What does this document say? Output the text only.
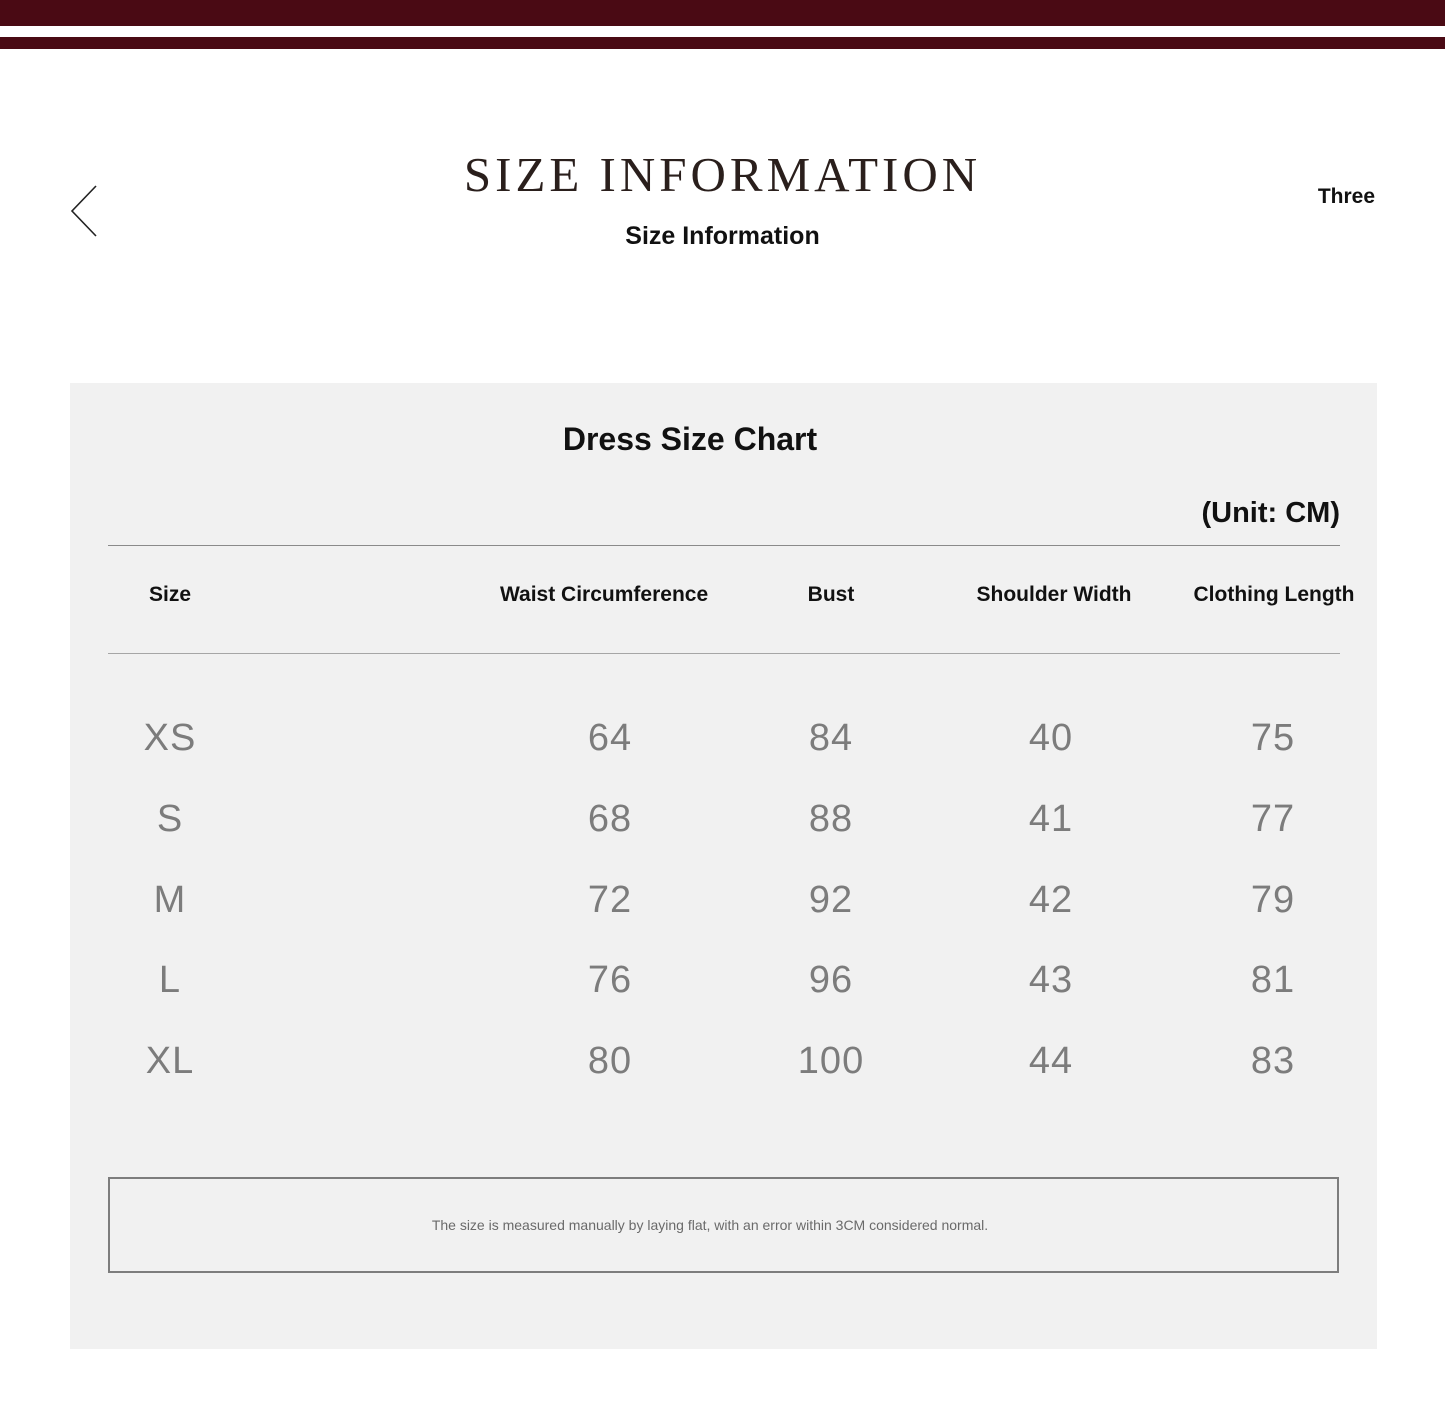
SIZE INFORMATION
Size Information
Three
Dress Size Chart
(Unit: CM)
Size	Waist Circumference	Bust	Shoulder Width	Clothing Length
XS	64	84	40	75
S	68	88	41	77
M	72	92	42	79
L	76	96	43	81
XL	80	100	44	83
The size is measured manually by laying flat, with an error within 3CM considered normal.
